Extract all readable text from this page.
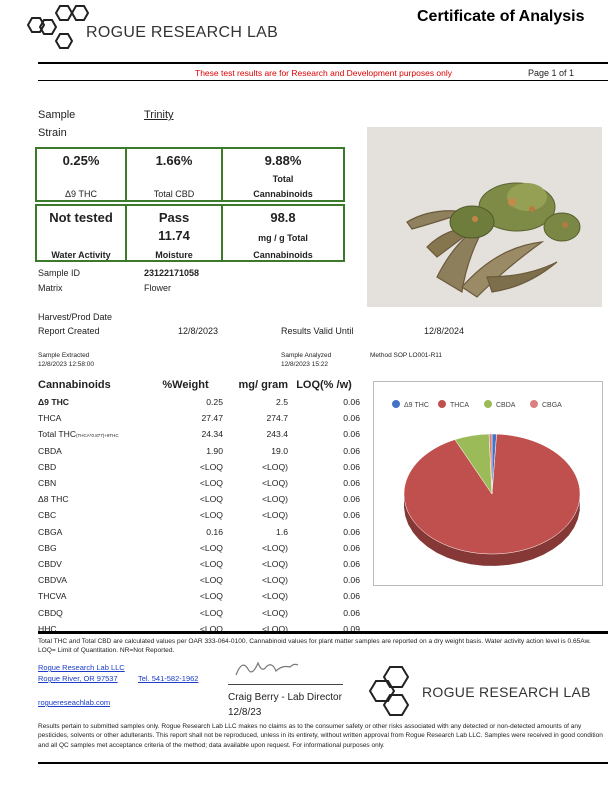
ROGUE RESEARCH LAB
Certificate of Analysis
These test results are for Research and Development purposes only	Page 1 of 1
Sample	Trinity
Strain
0.25%
Δ9 THC
1.66%
Total CBD
9.88%
Total
Cannabinoids
Not tested
Water Activity
Pass
11.74
Moisture
98.8
mg / g Total
Cannabinoids
Sample ID	23122171058
Matrix	Flower
Harvest/Prod Date
Report Created	12/8/2023	Results Valid Until	12/8/2024
Sample Extracted
12/8/2023 12:58:00
Sample Analyzed
12/8/2023 15:22
Method SOP LO001-R11
Cannabinoids	%Weight	mg/ gram	LOQ(% /w)
Δ9 THC	0.25	2.5	0.06
THCA	27.47	274.7	0.06
Total THC(THCA*0.877)+9THC	24.34	243.4	0.06
CBDA	1.90	19.0	0.06
CBD	<LOQ	<LOQ)	0.06
CBN	<LOQ	<LOQ)	0.06
Δ8 THC	<LOQ	<LOQ)	0.06
CBC	<LOQ	<LOQ)	0.06
CBGA	0.16	1.6	0.06
CBG	<LOQ	<LOQ)	0.06
CBDV	<LOQ	<LOQ)	0.06
CBDVA	<LOQ	<LOQ)	0.06
THCVA	<LOQ	<LOQ)	0.06
CBDQ	<LOQ	<LOQ)	0.06
HHC	<LOQ	<LOQ)	0.09
Δ9 THC	THCA	CBDA	CBGA
Total THC and Total CBD are calculated values per OAR 333-064-0100. Cannabinoid values for plant matter samples are reported on a dry weight basis. Water activity action level is 0.65Aw. LOQ= Limit of Quantitation. NR=Not Reported.
Rogue Research Lab LLC
Rogue River, OR 97537	Tel. 541-582-1962
roguereseachlab.com	Craig Berry - Lab Director
12/8/23
ROGUE RESEARCH LAB
Results pertain to submitted samples only. Rogue Research Lab LLC makes no claims as to the consumer safety or other risks associated with any detected or non-detected amounts of any pesticides, solvents or other adulterants. This report shall not be reproduced, unless in its entirety, without written approval from Rogue Research Lab LLC. Samples were received in good condition and all QC samples met acceptance criteria of the method; data available upon request. For informational purposes only.
